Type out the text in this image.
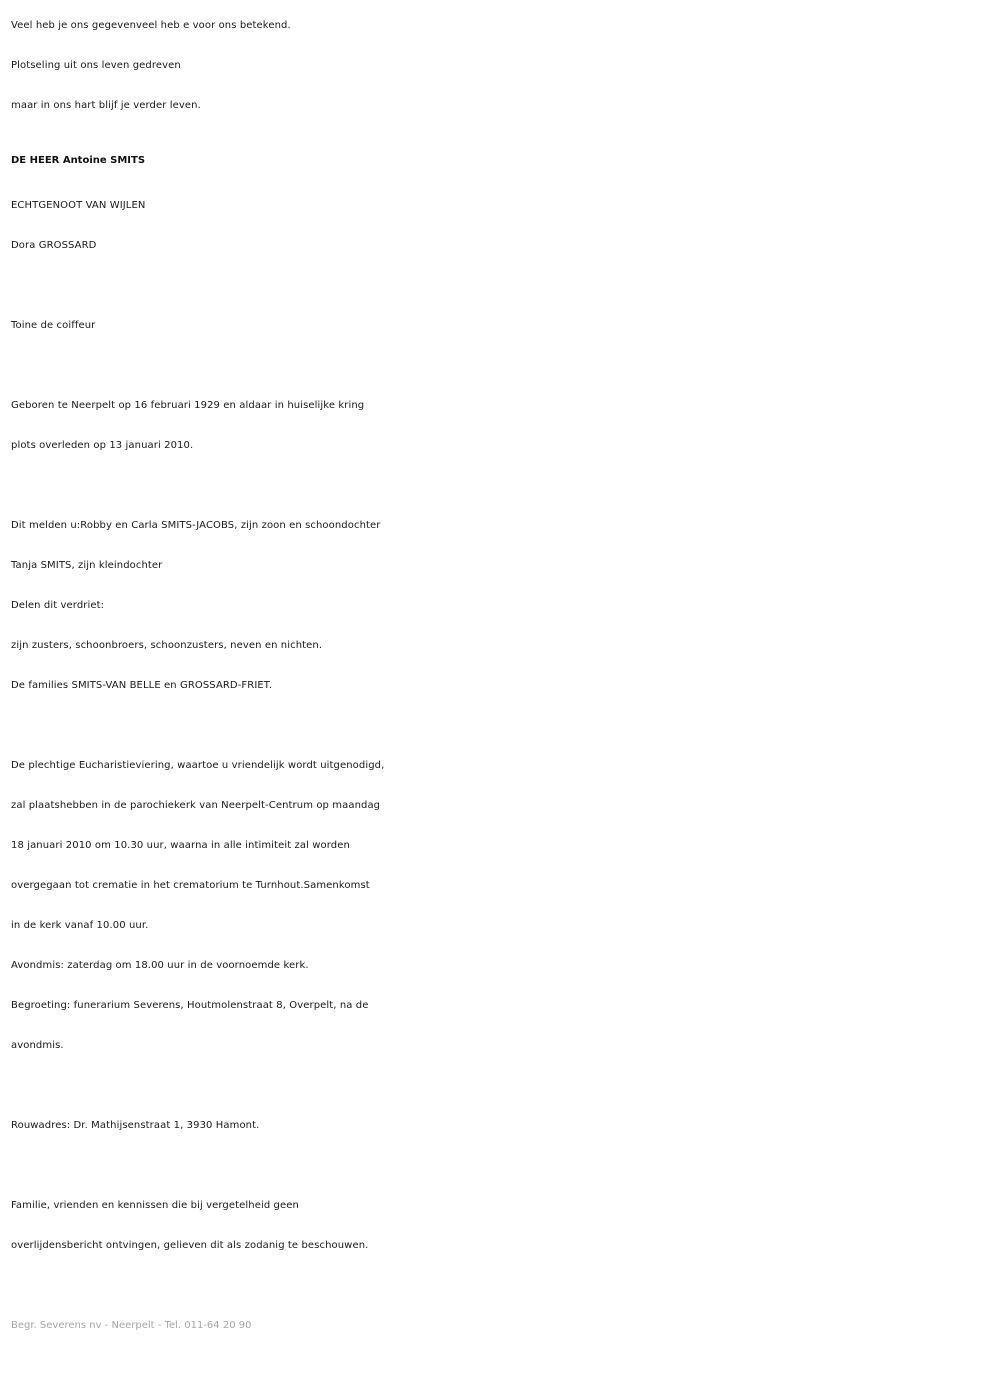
Veel heb je ons gegevenveel heb e voor ons betekend.
Plotseling uit ons leven gedreven
maar in ons hart blijf je verder leven.
DE HEER Antoine SMITS
ECHTGENOOT VAN WIJLEN
Dora GROSSARD
Toine de coiffeur
Geboren te Neerpelt op 16 februari 1929 en aldaar in huiselijke kring
plots overleden op 13 januari 2010.
Dit melden u:Robby en Carla SMITS-JACOBS, zijn zoon en schoondochter
Tanja SMITS, zijn kleindochter
Delen dit verdriet:
zijn zusters, schoonbroers, schoonzusters, neven en nichten.
De families SMITS-VAN BELLE en GROSSARD-FRIET.
De plechtige Eucharistieviering, waartoe u vriendelijk wordt uitgenodigd,
zal plaatshebben in de parochiekerk van Neerpelt-Centrum op maandag
18 januari 2010 om 10.30 uur, waarna in alle intimiteit zal worden
overgegaan tot crematie in het crematorium te Turnhout.Samenkomst
in de kerk vanaf 10.00 uur.
Avondmis: zaterdag om 18.00 uur in de voornoemde kerk.
Begroeting: funerarium Severens, Houtmolenstraat 8, Overpelt, na de
avondmis.
Rouwadres: Dr. Mathijsenstraat 1, 3930 Hamont.
Familie, vrienden en kennissen die bij vergetelheid geen
overlijdensbericht ontvingen, gelieven dit als zodanig te beschouwen.
Begr. Severens nv - Neerpelt - Tel. 011-64 20 90
